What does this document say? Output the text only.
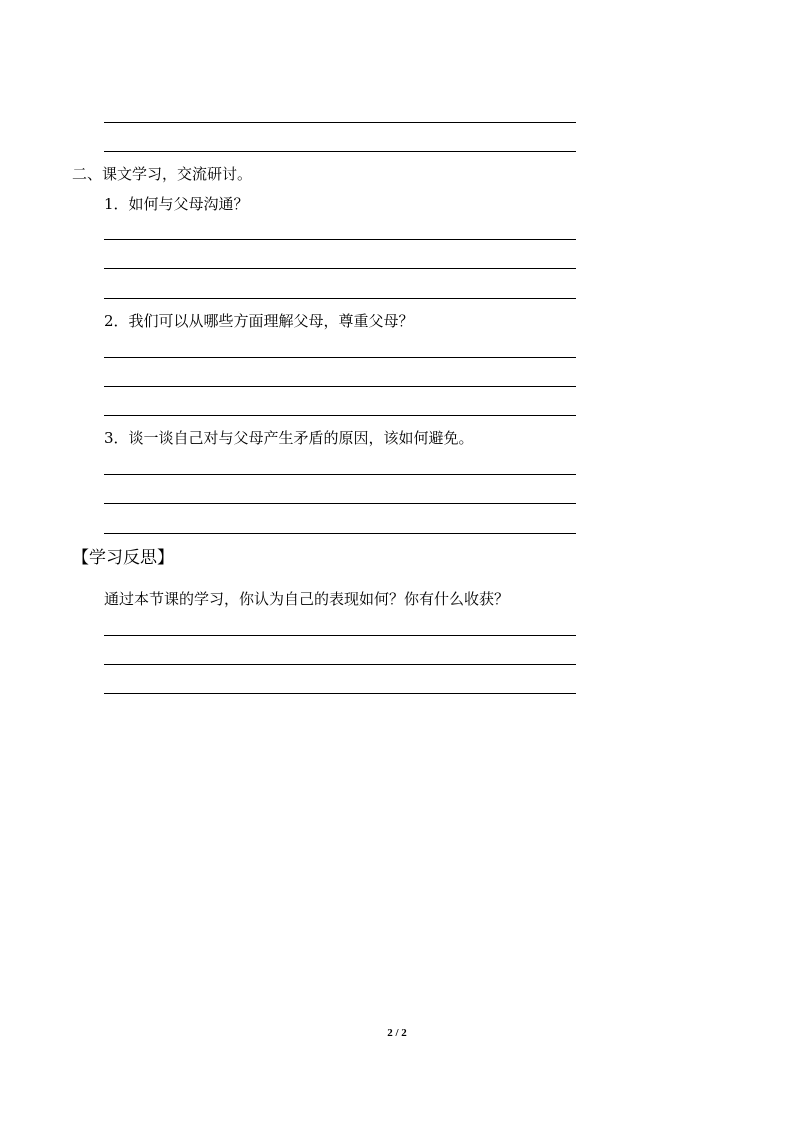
二、课文学习，交流研讨。
1．如何与父母沟通？
2．我们可以从哪些方面理解父母，尊重父母？
3．谈一谈自己对与父母产生矛盾的原因，该如何避免。
【学习反思】
通过本节课的学习，你认为自己的表现如何？你有什么收获？
2 / 2
